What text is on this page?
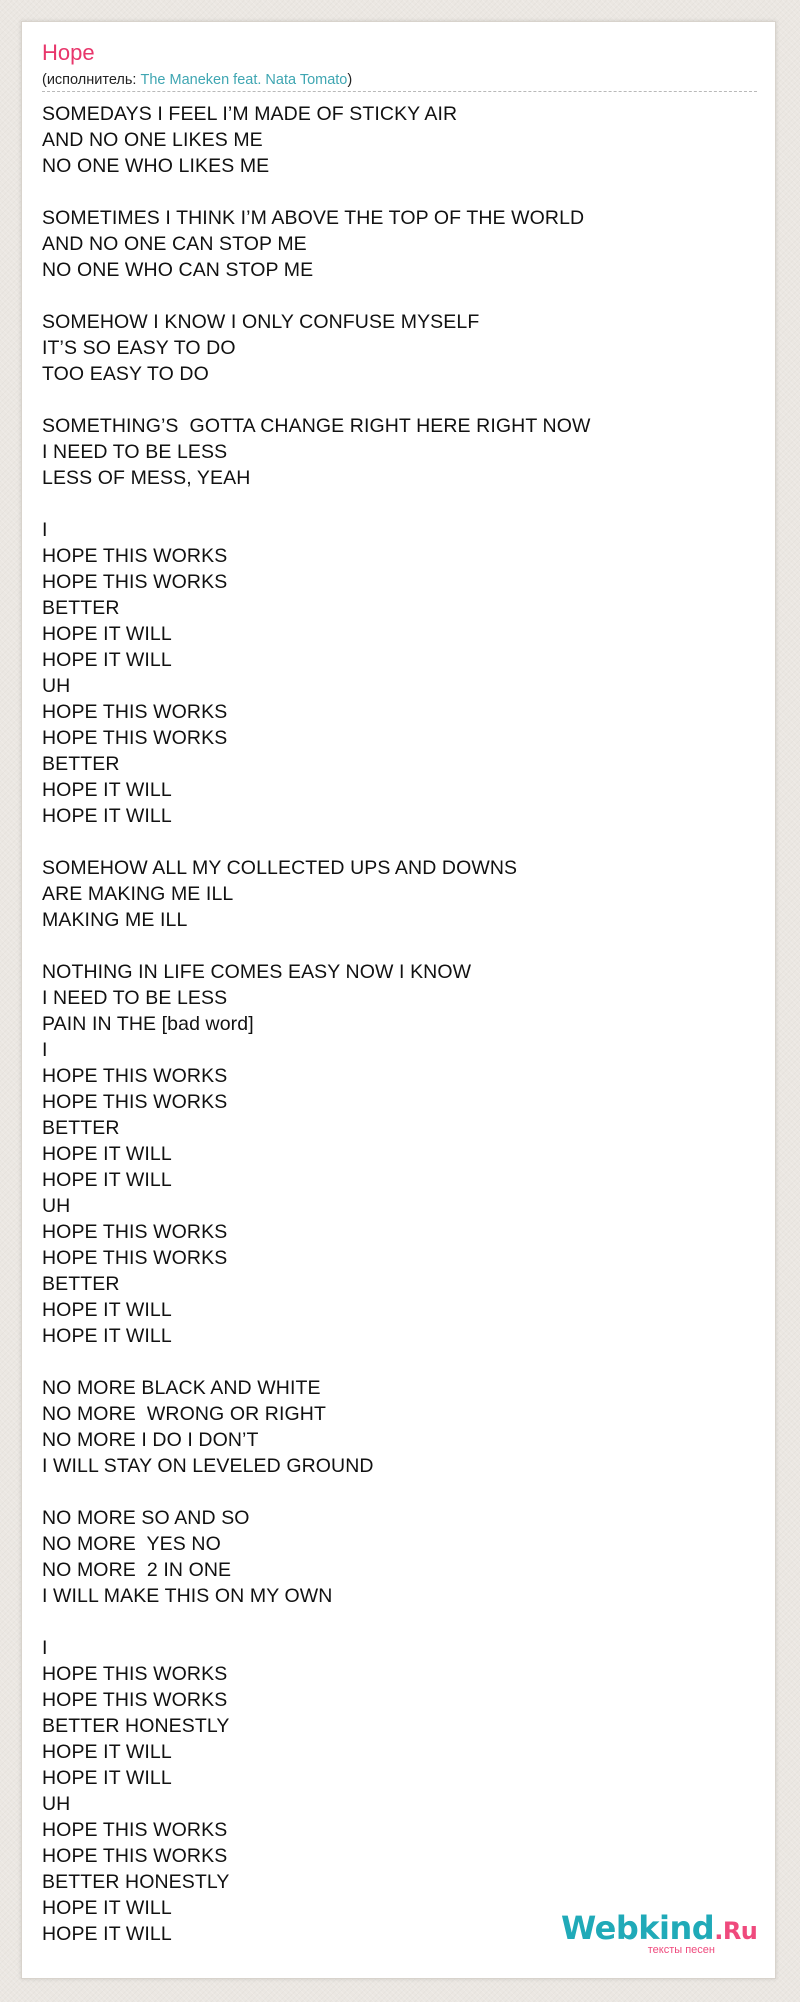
Hope
(исполнитель: The Maneken feat. Nata Tomato)
SOMEDAYS I FEEL I’M MADE OF STICKY AIR
AND NO ONE LIKES ME
NO ONE WHO LIKES ME
SOMETIMES I THINK I’M ABOVE THE TOP OF THE WORLD
AND NO ONE CAN STOP ME
NO ONE WHO CAN STOP ME
SOMEHOW I KNOW I ONLY CONFUSE MYSELF
IT’S SO EASY TO DO
TOO EASY TO DO
SOMETHING’S  GOTTA CHANGE RIGHT HERE RIGHT NOW
I NEED TO BE LESS
LESS OF MESS, YEAH
I
HOPE THIS WORKS
HOPE THIS WORKS
BETTER
HOPE IT WILL
HOPE IT WILL
UH
HOPE THIS WORKS
HOPE THIS WORKS
BETTER
HOPE IT WILL
HOPE IT WILL
SOMEHOW ALL MY COLLECTED UPS AND DOWNS
ARE MAKING ME ILL
MAKING ME ILL
NOTHING IN LIFE COMES EASY NOW I KNOW
I NEED TO BE LESS
PAIN IN THE [bad word]
I
HOPE THIS WORKS
HOPE THIS WORKS
BETTER
HOPE IT WILL
HOPE IT WILL
UH
HOPE THIS WORKS
HOPE THIS WORKS
BETTER
HOPE IT WILL
HOPE IT WILL
NO MORE BLACK AND WHITE
NO MORE  WRONG OR RIGHT
NO MORE I DO I DON’T
I WILL STAY ON LEVELED GROUND
NO MORE SO AND SO
NO MORE  YES NO
NO MORE  2 IN ONE
I WILL MAKE THIS ON MY OWN
I
HOPE THIS WORKS
HOPE THIS WORKS
BETTER HONESTLY
HOPE IT WILL
HOPE IT WILL
UH
HOPE THIS WORKS
HOPE THIS WORKS
BETTER HONESTLY
HOPE IT WILL
HOPE IT WILL	Webkind.Ru
тексты песен
